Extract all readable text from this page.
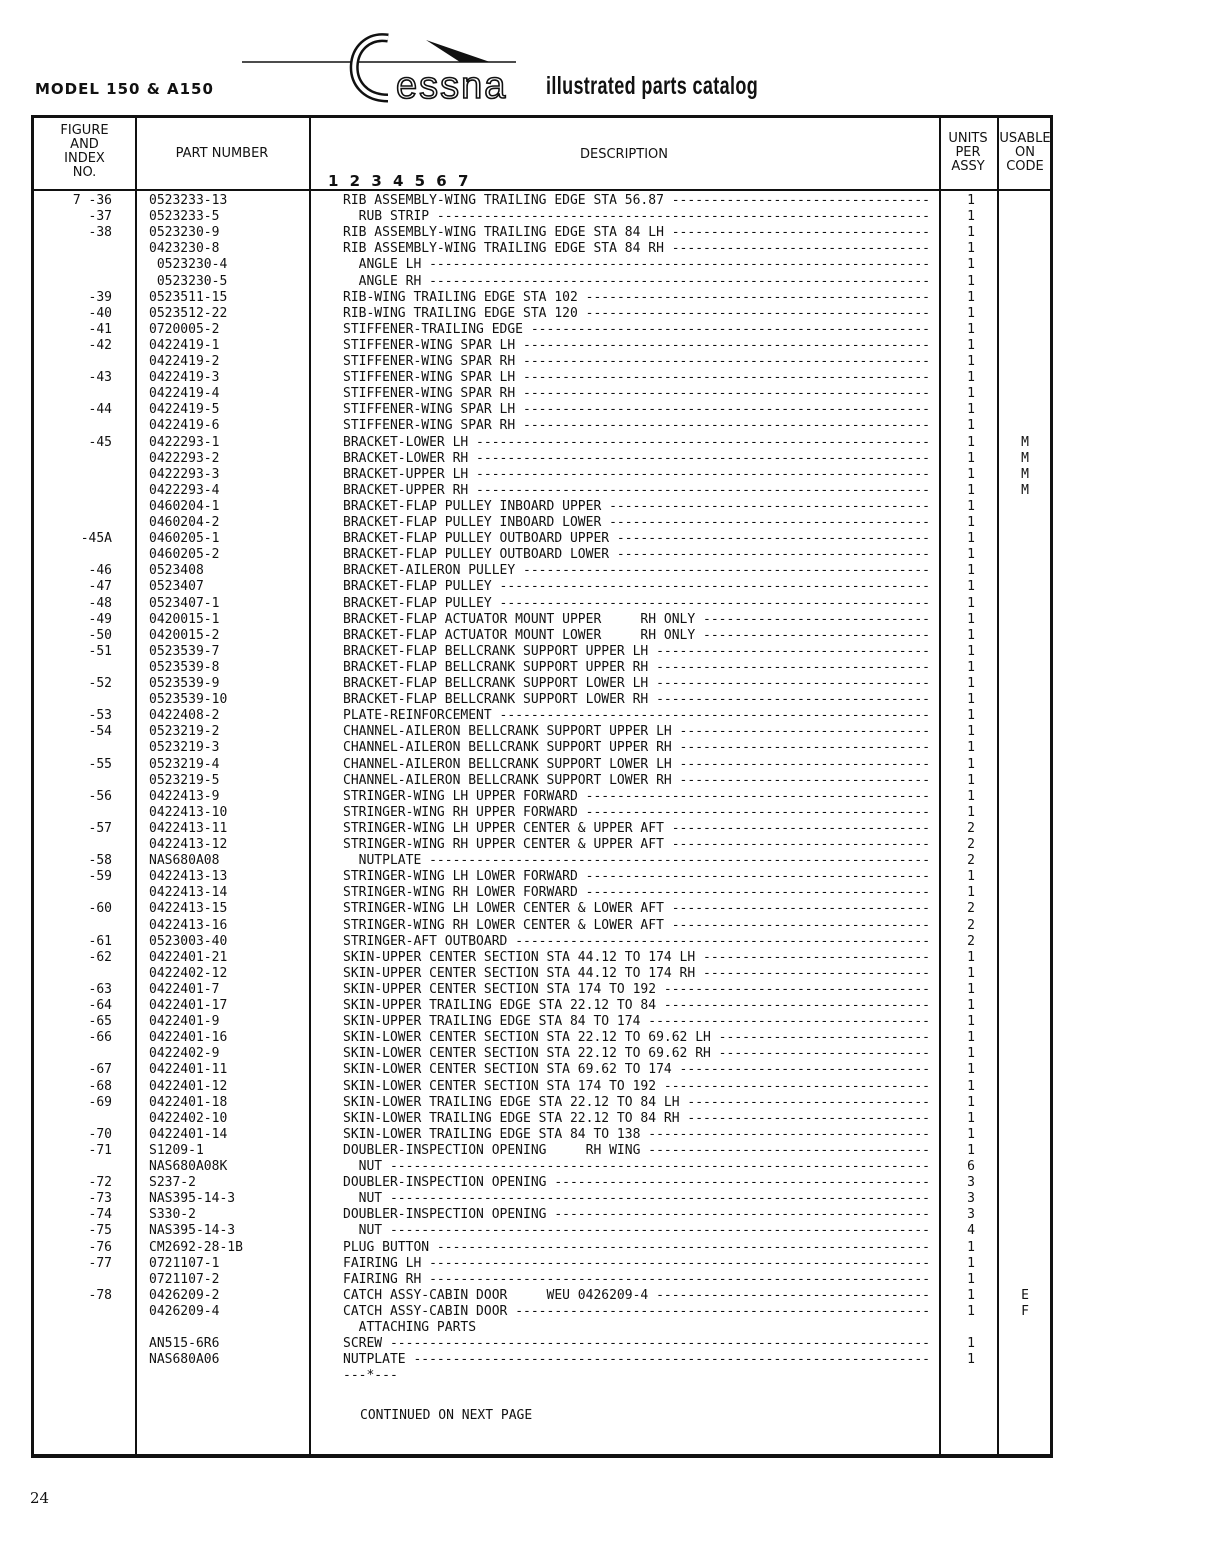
MODEL 150 & A150	essna illustrated parts catalog
FIGURE
AND
INDEX
NO.
PART NUMBER	DESCRIPTION
1 2 3 4 5 6 7
UNITS
PER
ASSY
USABLE
ON
CODE
7 -36	0523233-13	RIB ASSEMBLY-WING TRAILING EDGE STA 56.87 ---------------------------------	1
-37	0523233-5	RUB STRIP ---------------------------------------------------------------	1
-38	0523230-9	RIB ASSEMBLY-WING TRAILING EDGE STA 84 LH ---------------------------------	1
0423230-8	RIB ASSEMBLY-WING TRAILING EDGE STA 84 RH ---------------------------------	1
0523230-4	ANGLE LH ----------------------------------------------------------------	1
0523230-5	ANGLE RH ----------------------------------------------------------------	1
-39	0523511-15	RIB-WING TRAILING EDGE STA 102 --------------------------------------------	1
-40	0523512-22	RIB-WING TRAILING EDGE STA 120 --------------------------------------------	1
-41	0720005-2	STIFFENER-TRAILING EDGE ---------------------------------------------------	1
-42	0422419-1	STIFFENER-WING SPAR LH ----------------------------------------------------	1
0422419-2	STIFFENER-WING SPAR RH ----------------------------------------------------	1
-43	0422419-3	STIFFENER-WING SPAR LH ----------------------------------------------------	1
0422419-4	STIFFENER-WING SPAR RH ----------------------------------------------------	1
-44	0422419-5	STIFFENER-WING SPAR LH ----------------------------------------------------	1
0422419-6	STIFFENER-WING SPAR RH ----------------------------------------------------	1
-45	0422293-1	BRACKET-LOWER LH ----------------------------------------------------------	1	M
0422293-2	BRACKET-LOWER RH ----------------------------------------------------------	1	M
0422293-3	BRACKET-UPPER LH ----------------------------------------------------------	1	M
0422293-4	BRACKET-UPPER RH ----------------------------------------------------------	1	M
0460204-1	BRACKET-FLAP PULLEY INBOARD UPPER -----------------------------------------	1
0460204-2	BRACKET-FLAP PULLEY INBOARD LOWER -----------------------------------------	1
-45A	0460205-1	BRACKET-FLAP PULLEY OUTBOARD UPPER ----------------------------------------	1
0460205-2	BRACKET-FLAP PULLEY OUTBOARD LOWER ----------------------------------------	1
-46	0523408	BRACKET-AILERON PULLEY ----------------------------------------------------	1
-47	0523407	BRACKET-FLAP PULLEY -------------------------------------------------------	1
-48	0523407-1	BRACKET-FLAP PULLEY -------------------------------------------------------	1
-49	0420015-1	BRACKET-FLAP ACTUATOR MOUNT UPPER     RH ONLY -----------------------------	1
-50	0420015-2	BRACKET-FLAP ACTUATOR MOUNT LOWER     RH ONLY -----------------------------	1
-51	0523539-7	BRACKET-FLAP BELLCRANK SUPPORT UPPER LH -----------------------------------	1
0523539-8	BRACKET-FLAP BELLCRANK SUPPORT UPPER RH -----------------------------------	1
-52	0523539-9	BRACKET-FLAP BELLCRANK SUPPORT LOWER LH -----------------------------------	1
0523539-10	BRACKET-FLAP BELLCRANK SUPPORT LOWER RH -----------------------------------	1
-53	0422408-2	PLATE-REINFORCEMENT -------------------------------------------------------	1
-54	0523219-2	CHANNEL-AILERON BELLCRANK SUPPORT UPPER LH --------------------------------	1
0523219-3	CHANNEL-AILERON BELLCRANK SUPPORT UPPER RH --------------------------------	1
-55	0523219-4	CHANNEL-AILERON BELLCRANK SUPPORT LOWER LH --------------------------------	1
0523219-5	CHANNEL-AILERON BELLCRANK SUPPORT LOWER RH --------------------------------	1
-56	0422413-9	STRINGER-WING LH UPPER FORWARD --------------------------------------------	1
0422413-10	STRINGER-WING RH UPPER FORWARD --------------------------------------------	1
-57	0422413-11	STRINGER-WING LH UPPER CENTER & UPPER AFT ---------------------------------	2
0422413-12	STRINGER-WING RH UPPER CENTER & UPPER AFT ---------------------------------	2
-58	NAS680A08	NUTPLATE ----------------------------------------------------------------	2
-59	0422413-13	STRINGER-WING LH LOWER FORWARD --------------------------------------------	1
0422413-14	STRINGER-WING RH LOWER FORWARD --------------------------------------------	1
-60	0422413-15	STRINGER-WING LH LOWER CENTER & LOWER AFT ---------------------------------	2
0422413-16	STRINGER-WING RH LOWER CENTER & LOWER AFT ---------------------------------	2
-61	0523003-40	STRINGER-AFT OUTBOARD -----------------------------------------------------	2
-62	0422401-21	SKIN-UPPER CENTER SECTION STA 44.12 TO 174 LH -----------------------------	1
0422402-12	SKIN-UPPER CENTER SECTION STA 44.12 TO 174 RH -----------------------------	1
-63	0422401-7	SKIN-UPPER CENTER SECTION STA 174 TO 192 ----------------------------------	1
-64	0422401-17	SKIN-UPPER TRAILING EDGE STA 22.12 TO 84 ----------------------------------	1
-65	0422401-9	SKIN-UPPER TRAILING EDGE STA 84 TO 174 ------------------------------------	1
-66	0422401-16	SKIN-LOWER CENTER SECTION STA 22.12 TO 69.62 LH ---------------------------	1
0422402-9	SKIN-LOWER CENTER SECTION STA 22.12 TO 69.62 RH ---------------------------	1
-67	0422401-11	SKIN-LOWER CENTER SECTION STA 69.62 TO 174 --------------------------------	1
-68	0422401-12	SKIN-LOWER CENTER SECTION STA 174 TO 192 ----------------------------------	1
-69	0422401-18	SKIN-LOWER TRAILING EDGE STA 22.12 TO 84 LH -------------------------------	1
0422402-10	SKIN-LOWER TRAILING EDGE STA 22.12 TO 84 RH -------------------------------	1
-70	0422401-14	SKIN-LOWER TRAILING EDGE STA 84 TO 138 ------------------------------------	1
-71	S1209-1	DOUBLER-INSPECTION OPENING     RH WING ------------------------------------	1
NAS680A08K	NUT ---------------------------------------------------------------------	6
-72	S237-2	DOUBLER-INSPECTION OPENING ------------------------------------------------	3
-73	NAS395-14-3	NUT ---------------------------------------------------------------------	3
-74	S330-2	DOUBLER-INSPECTION OPENING ------------------------------------------------	3
-75	NAS395-14-3	NUT ---------------------------------------------------------------------	4
-76	CM2692-28-1B	PLUG BUTTON ---------------------------------------------------------------	1
-77	0721107-1	FAIRING LH ----------------------------------------------------------------	1
0721107-2	FAIRING RH ----------------------------------------------------------------	1
-78	0426209-2	CATCH ASSY-CABIN DOOR     WEU 0426209-4 -----------------------------------	1	E
0426209-4	CATCH ASSY-CABIN DOOR -----------------------------------------------------	1	F
ATTACHING PARTS
AN515-6R6	SCREW ---------------------------------------------------------------------	1
NAS680A06	NUTPLATE ------------------------------------------------------------------	1
---*---
CONTINUED ON NEXT PAGE
24
